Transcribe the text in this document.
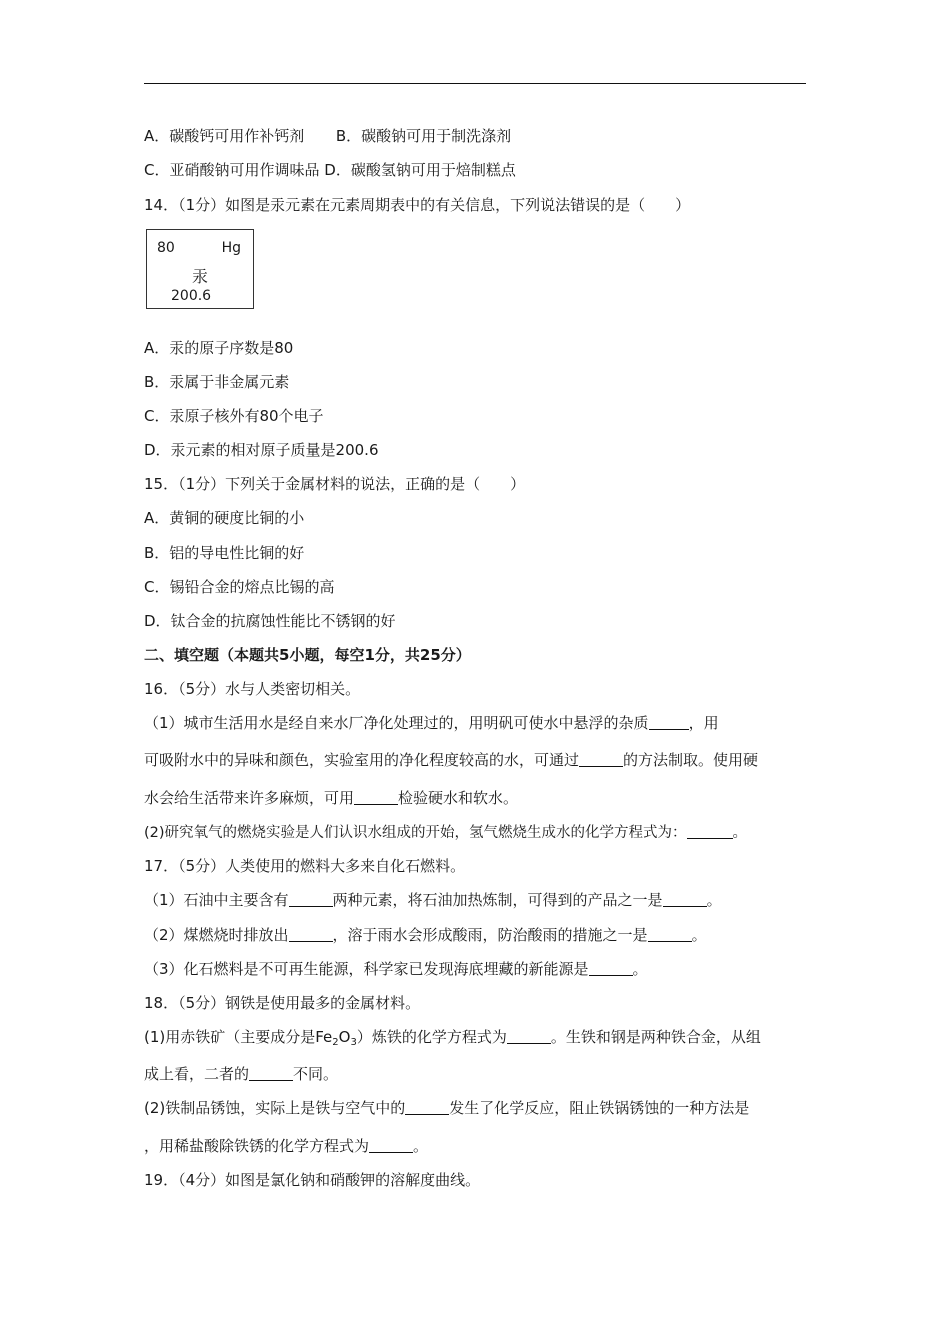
A．碳酸钙可用作补钙剂 B．碳酸钠可用于制洗涤剂
C．亚硝酸钠可用作调味品 D．碳酸氢钠可用于焙制糕点
14．（1分）如图是汞元素在元素周期表中的有关信息，下列说法错误的是（　　）
80	Hg
汞
200.6
A．汞的原子序数是80
B．汞属于非金属元素
C．汞原子核外有80个电子
D．汞元素的相对原子质量是200.6
15．（1分）下列关于金属材料的说法，正确的是（　　）
A．黄铜的硬度比铜的小
B．铝的导电性比铜的好
C．锡铅合金的熔点比锡的高
D．钛合金的抗腐蚀性能比不锈钢的好
二、填空题（本题共5小题，每空1分，共25分）
16．（5分）水与人类密切相关。
（1）城市生活用水是经自来水厂净化处理过的，用明矾可使水中悬浮的杂质	，用
可吸附水中的异味和颜色，实验室用的净化程度较高的水，可通过	的方法制取。使用硬
水会给生活带来许多麻烦，可用	检验硬水和软水。
(2)研究氧气的燃烧实验是人们认识水组成的开始，氢气燃烧生成水的化学方程式为：	。
17．（5分）人类使用的燃料大多来自化石燃料。
（1）石油中主要含有	两种元素，将石油加热炼制，可得到的产品之一是	。
（2）煤燃烧时排放出	，溶于雨水会形成酸雨，防治酸雨的措施之一是	。
（3）化石燃料是不可再生能源，科学家已发现海底埋藏的新能源是	。
18．（5分）钢铁是使用最多的金属材料。
(1)用赤铁矿（主要成分是$Fe_2O_3$）炼铁的化学方程式为	。生铁和钢是两种铁合金，从组
成上看，二者的	不同。
(2)铁制品锈蚀，实际上是铁与空气中的	发生了化学反应，阻止铁锅锈蚀的一种方法是
，用稀盐酸除铁锈的化学方程式为	。
19．（4分）如图是氯化钠和硝酸钾的溶解度曲线。
